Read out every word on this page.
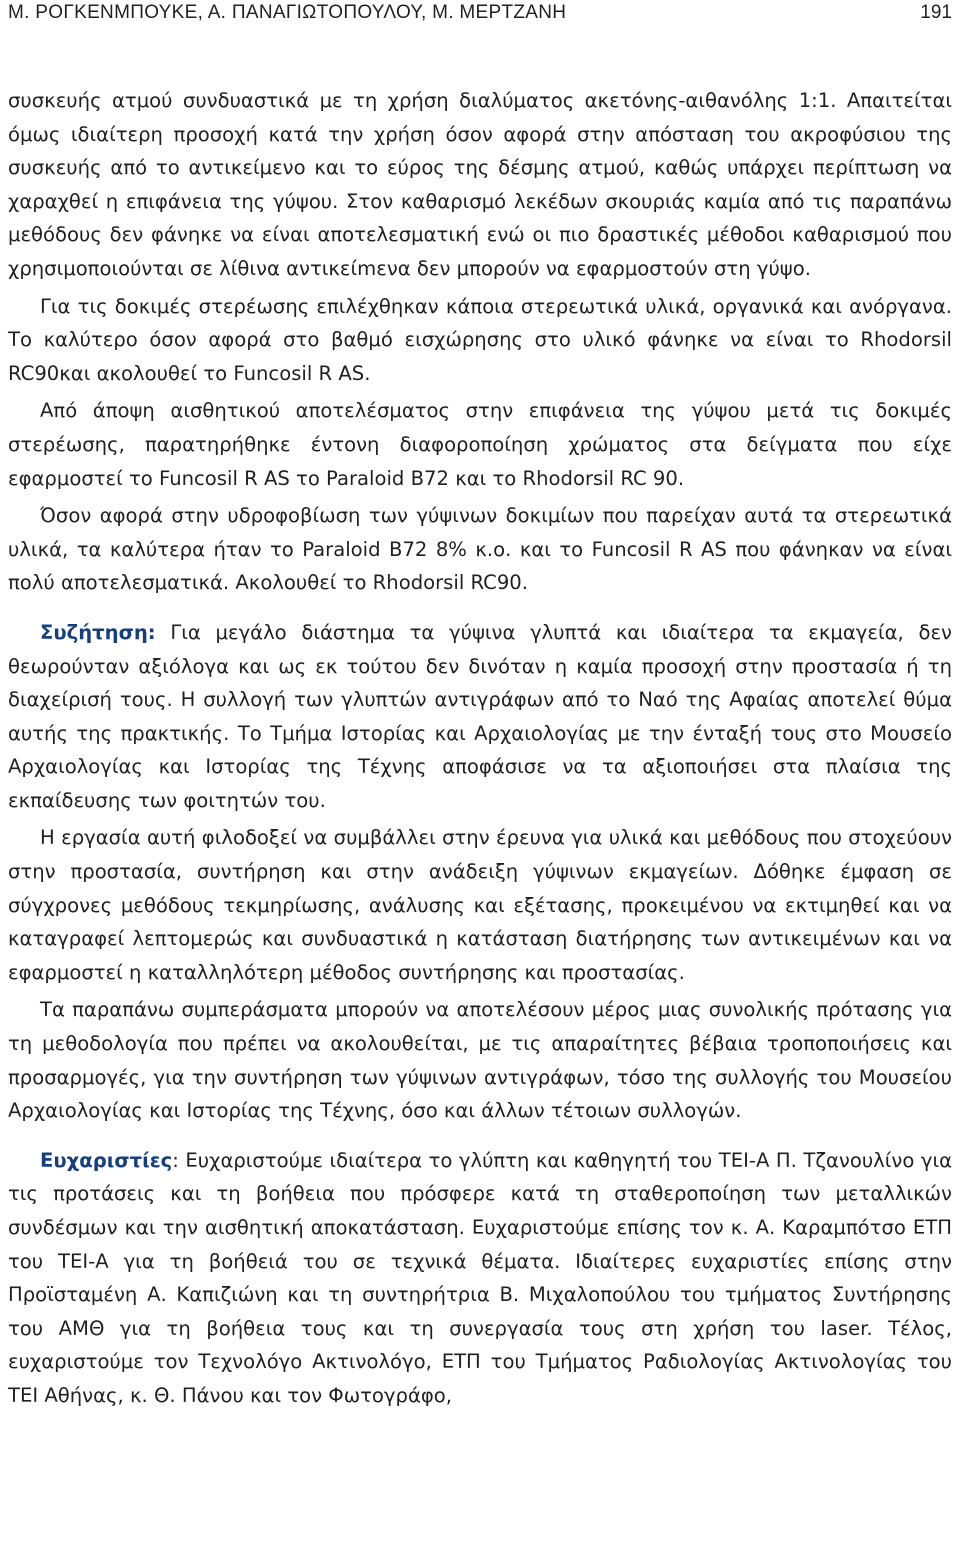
Μ. ΡΟΓΚΕΝΜΠΟΥΚΕ, Α. ΠΑΝΑΓΙΩΤΟΠΟΥΛΟΥ, Μ. ΜΕΡΤΖΑΝΗ	191

συσκευής ατμού συνδυαστικά με τη χρήση διαλύματος ακετόνης-αιθανόλης 1:1. Απαιτείται όμως ιδιαίτερη προσοχή κατά την χρήση όσον αφορά στην απόσταση του ακροφύσιου της συσκευής από το αντικείμενο και το εύρος της δέσμης ατμού, καθώς υπάρχει περίπτωση να χαραχθεί η επιφάνεια της γύψου. Στον καθαρισμό λεκέδων σκουριάς καμία από τις παραπάνω μεθόδους δεν φάνηκε να είναι αποτελεσματική ενώ οι πιο δραστικές μέθοδοι καθαρισμού που χρησιμοποιούνται σε λίθινα αντικείmενα δεν μπορούν να εφαρμοστούν στη γύψο.

Για τις δοκιμές στερέωσης επιλέχθηκαν κάποια στερεωτικά υλικά, οργανικά και ανόργανα. Το καλύτερο όσον αφορά στο βαθμό εισχώρησης στο υλικό φάνηκε να είναι το Rhodorsil RC90και ακολουθεί το Funcosil R AS.

Από άποψη αισθητικού αποτελέσματος στην επιφάνεια της γύψου μετά τις δοκιμές στερέωσης, παρατηρήθηκε έντονη διαφοροποίηση χρώματος στα δείγματα που είχε εφαρμοστεί το Funcosil R AS το Paraloid B72 και το Rhodorsil RC 90.

Όσον αφορά στην υδροφοβίωση των γύψινων δοκιμίων που παρείχαν αυτά τα στερεωτικά υλικά, τα καλύτερα ήταν το Paraloid B72 8% κ.ο. και το Funcosil R AS που φάνηκαν να είναι πολύ αποτελεσματικά. Ακολουθεί το Rhodorsil RC90.

Συζήτηση: Για μεγάλο διάστημα τα γύψινα γλυπτά και ιδιαίτερα τα εκμαγεία, δεν θεωρούνταν αξιόλογα και ως εκ τούτου δεν δινόταν η καμία προσοχή στην προστασία ή τη διαχείρισή τους. Η συλλογή των γλυπτών αντιγράφων από το Ναό της Αφαίας αποτελεί θύμα αυτής της πρακτικής. Το Τμήμα Ιστορίας και Αρχαιολογίας με την ένταξή τους στο Μουσείο Αρχαιολογίας και Ιστορίας της Τέχνης αποφάσισε να τα αξιοποιήσει στα πλαίσια της εκπαίδευσης των φοιτητών του.

Η εργασία αυτή φιλοδοξεί να συμβάλλει στην έρευνα για υλικά και μεθόδους που στοχεύουν στην προστασία, συντήρηση και στην ανάδειξη γύψινων εκμαγείων. Δόθηκε έμφαση σε σύγχρονες μεθόδους τεκμηρίωσης, ανάλυσης και εξέτασης, προκειμένου να εκτιμηθεί και να καταγραφεί λεπτομερώς και συνδυαστικά η κατάσταση διατήρησης των αντικειμένων και να εφαρμοστεί η καταλληλότερη μέθοδος συντήρησης και προστασίας.

Τα παραπάνω συμπεράσματα μπορούν να αποτελέσουν μέρος μιας συνολικής πρότασης για τη μεθοδολογία που πρέπει να ακολουθείται, με τις απαραίτητες βέβαια τροποποιήσεις και προσαρμογές, για την συντήρηση των γύψινων αντιγράφων, τόσο της συλλογής του Μουσείου Αρχαιολογίας και Ιστορίας της Τέχνης, όσο και άλλων τέτοιων συλλογών.

Ευχαριστίες: Ευχαριστούμε ιδιαίτερα το γλύπτη και καθηγητή του ΤΕΙ-Α Π. Τζανουλίνο για τις προτάσεις και τη βοήθεια που πρόσφερε κατά τη σταθεροποίηση των μεταλλικών συνδέσμων και την αισθητική αποκατάσταση. Ευχαριστούμε επίσης τον κ. Α. Καραμπότσο ΕΤΠ του ΤΕΙ-Α για τη βοήθειά του σε τεχνικά θέματα. Ιδιαίτερες ευχαριστίες επίσης στην Προϊσταμένη Α. Καπιζιώνη και τη συντηρήτρια Β. Μιχαλοπούλου του τμήματος Συντήρησης του ΑΜΘ για τη βοήθεια τους και τη συνεργασία τους στη χρήση του laser. Τέλος, ευχαριστούμε τον Τεχνολόγο Ακτινολόγο, ΕΤΠ του Τμήματος Ραδιολογίας Ακτινολογίας του ΤΕΙ Αθήνας, κ. Θ. Πάνου και τον Φωτογράφο,
